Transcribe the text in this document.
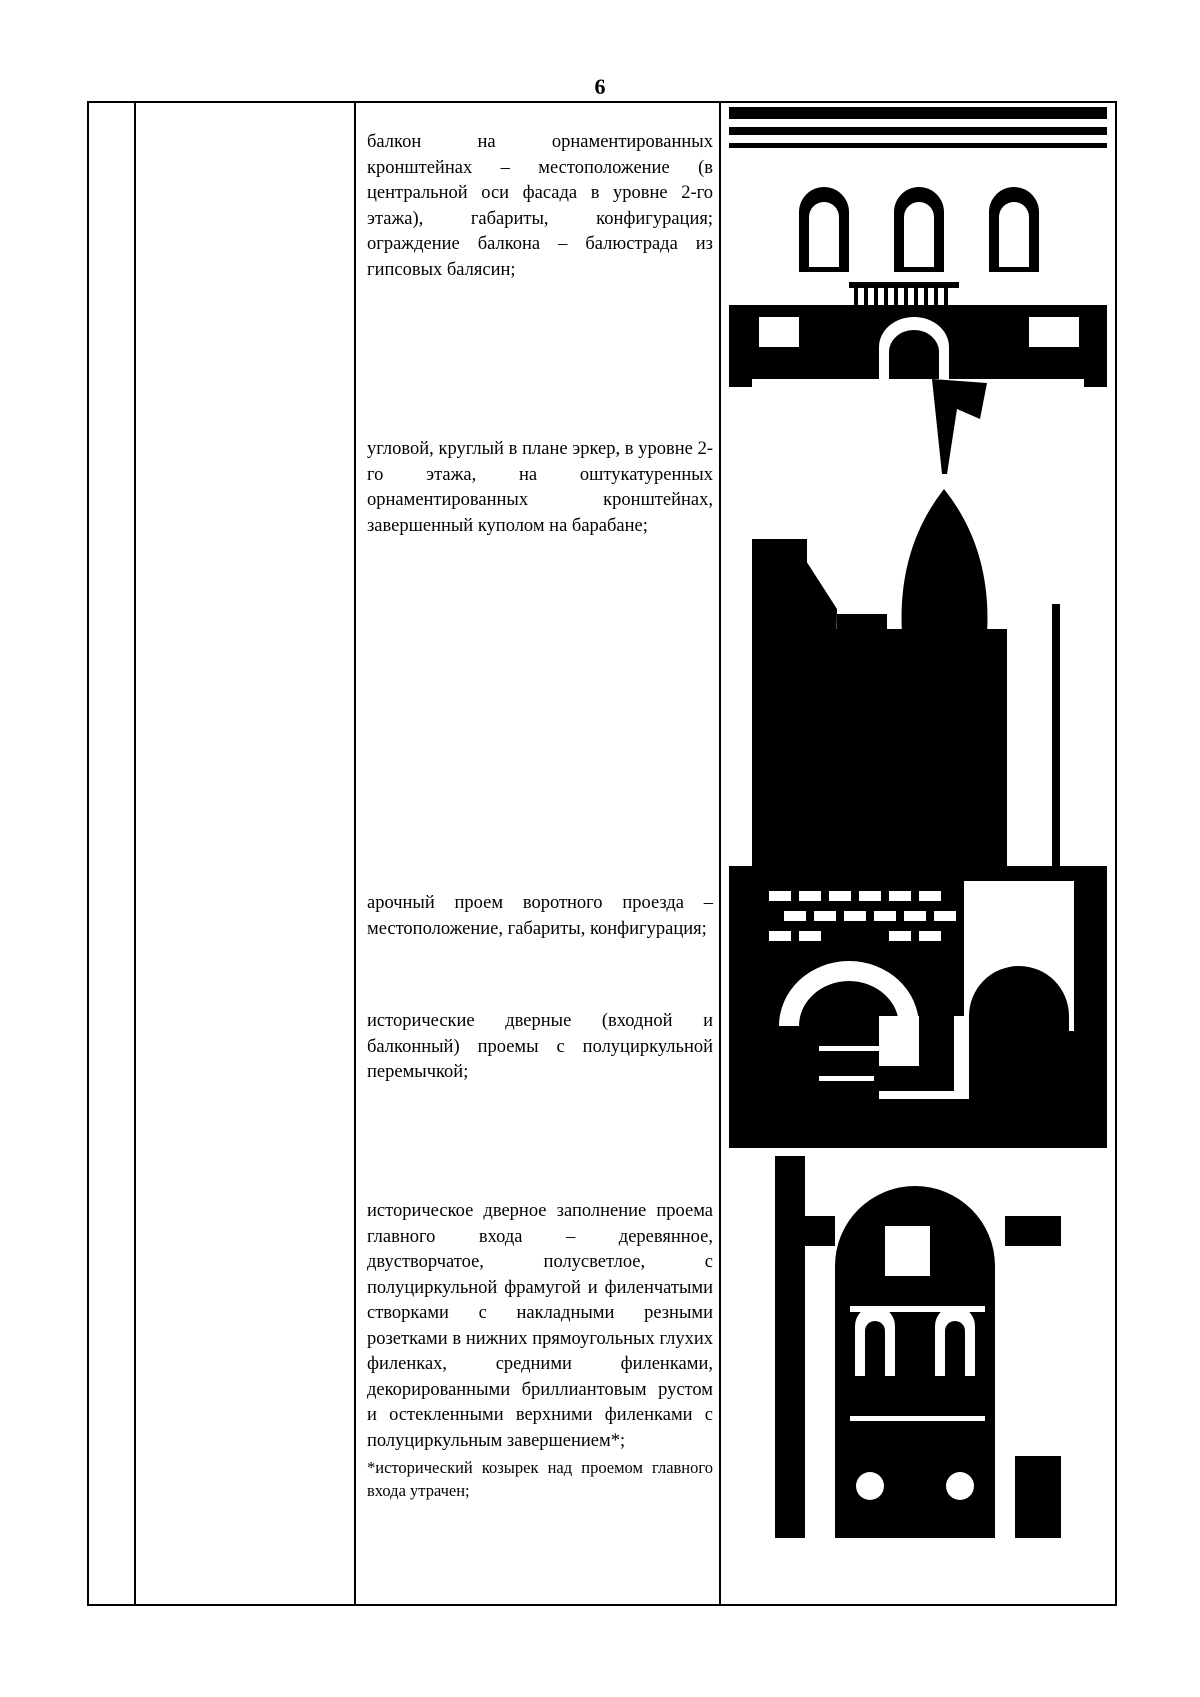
6

балкон на орнаментированных кронштейнах – местоположение (в центральной оси фасада в уровне 2-го этажа), габариты, конфигурация; ограждение балкона – балюстрада из гипсовых балясин;

угловой, круглый в плане эркер, в уровне 2-го этажа, на оштукатуренных орнаментированных кронштейнах, завершенный куполом на барабане;

арочный проем воротного проезда – местоположение, габариты, конфигурация;

исторические дверные (входной и балконный) проемы с полуциркульной перемычкой;

историческое дверное заполнение проема главного входа – деревянное, двустворчатое, полусветлое, с полуциркульной фрамугой и филенчатыми створками с накладными резными розетками в нижних прямоугольных глухих филенках, средними филенками, декорированными бриллиантовым рустом и остекленными верхними филенками с полуциркульным завершением*;

*исторический козырек над проемом главного входа утрачен;
